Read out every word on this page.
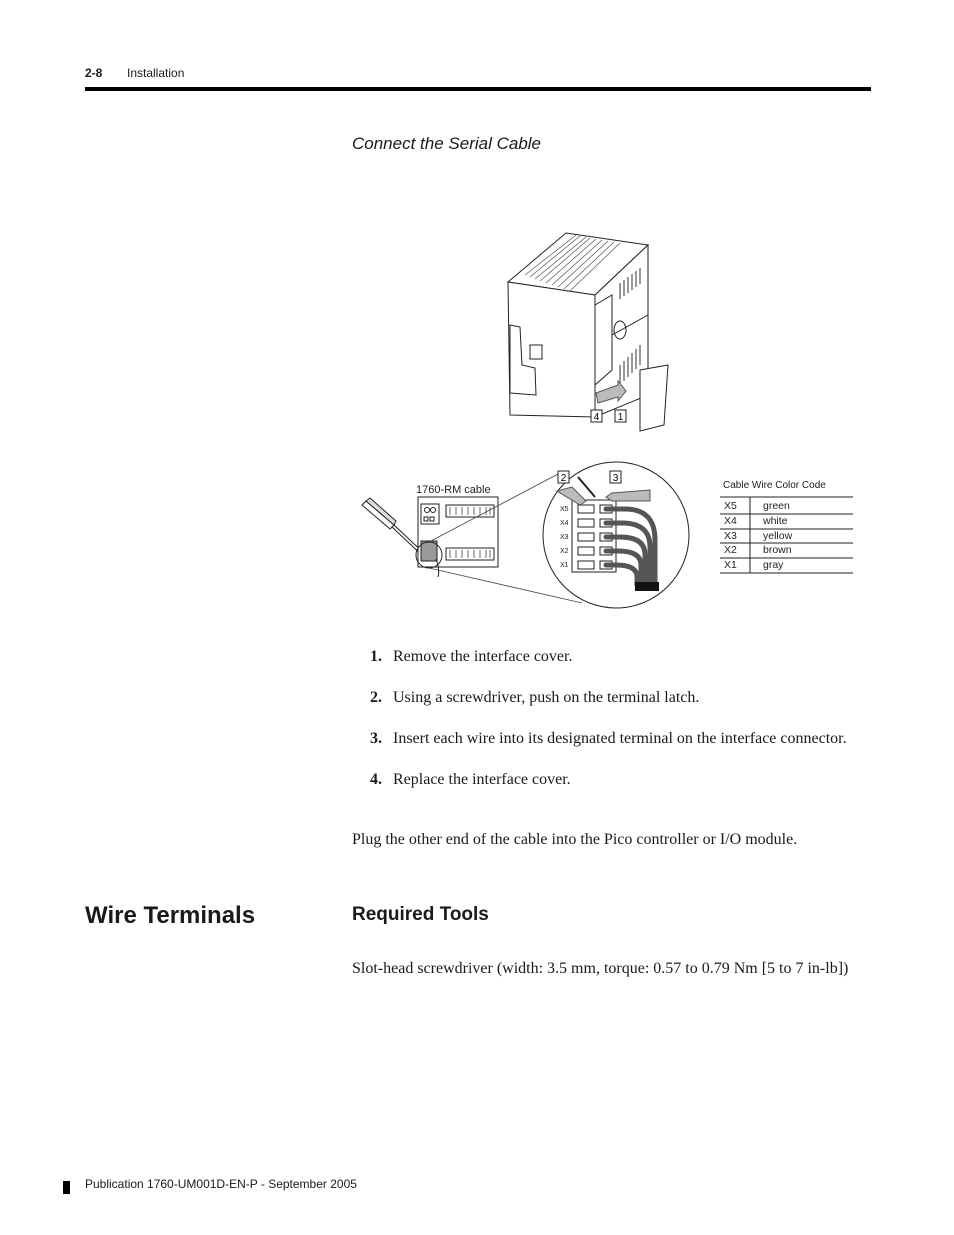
2-8 Installation
Connect the Serial Cable
4 1
1760-RM cable
X5
X4
X3
X2
X1
2	3
Cable Wire Color Code
X5 green
X4 white
X3 yellow
X2 brown
X1 gray
1. Remove the interface cover.
2. Using a screwdriver, push on the terminal latch.
3. Insert each wire into its designated terminal on the interface connector.
4. Replace the interface cover.
Plug the other end of the cable into the Pico controller or I/O module.
Wire Terminals	Required Tools
Slot-head screwdriver (width: 3.5 mm, torque: 0.57 to 0.79 Nm [5 to 7 in-lb])
Publication 1760-UM001D-EN-P - September 2005
